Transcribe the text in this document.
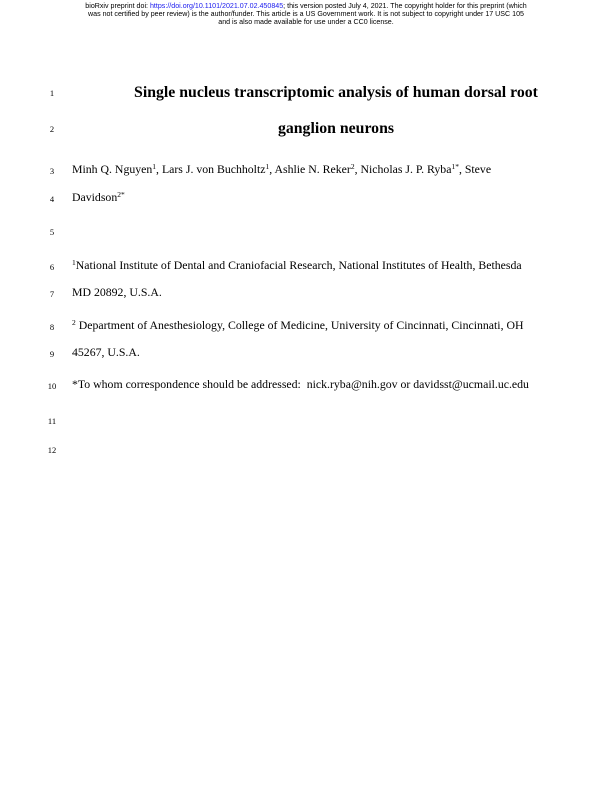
bioRxiv preprint doi: https://doi.org/10.1101/2021.07.02.450845; this version posted July 4, 2021. The copyright holder for this preprint (which
was not certified by peer review) is the author/funder. This article is a US Government work. It is not subject to copyright under 17 USC 105
and is also made available for use under a CC0 license.
1
2
3
4
5
6
7
8
9
10
11
12
Single nucleus transcriptomic analysis of human dorsal root
ganglion neurons
Minh Q. Nguyen$^1$, Lars J. von Buchholtz$^1$, Ashlie N. Reker$^2$, Nicholas J. P. Ryba$^{1*}$, Steve
Davidson$^{2*}$
$^1$National Institute of Dental and Craniofacial Research, National Institutes of Health, Bethesda
MD 20892, U.S.A.
$^2$ Department of Anesthesiology, College of Medicine, University of Cincinnati, Cincinnati, OH
45267, U.S.A.
*To whom correspondence should be addressed:  nick.ryba@nih.gov or davidsst@ucmail.uc.edu
